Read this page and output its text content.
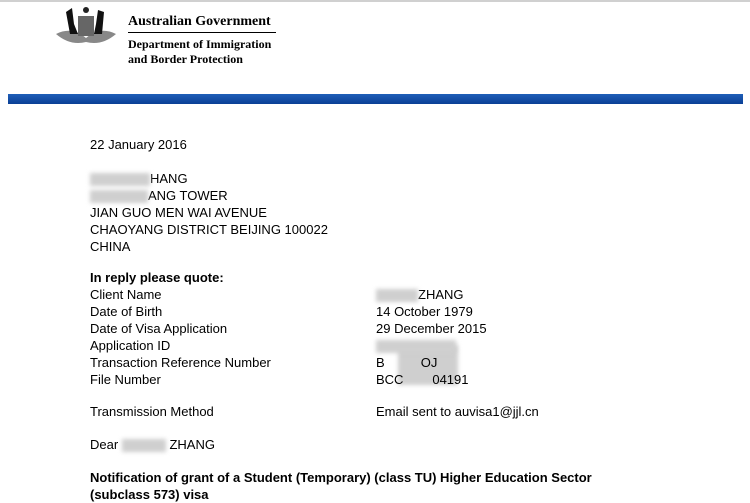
Australian Government
Department of Immigration
and Border Protection
22 January 2016
HANG
ANG TOWER
JIAN GUO MEN WAI AVENUE
CHAOYANG DISTRICT BEIJING 100022
CHINA
In reply please quote:
Client Name	ZHANG
Date of Birth	14 October 1979
Date of Visa Application	29 December 2015
Application ID
Transaction Reference Number	B          OJ
File Number	BCC        04191
Transmission Method	Email sent to auvisa1@jjl.cn
Dear	ZHANG
Notification of grant of a Student (Temporary) (class TU) Higher Education Sector
(subclass 573) visa
